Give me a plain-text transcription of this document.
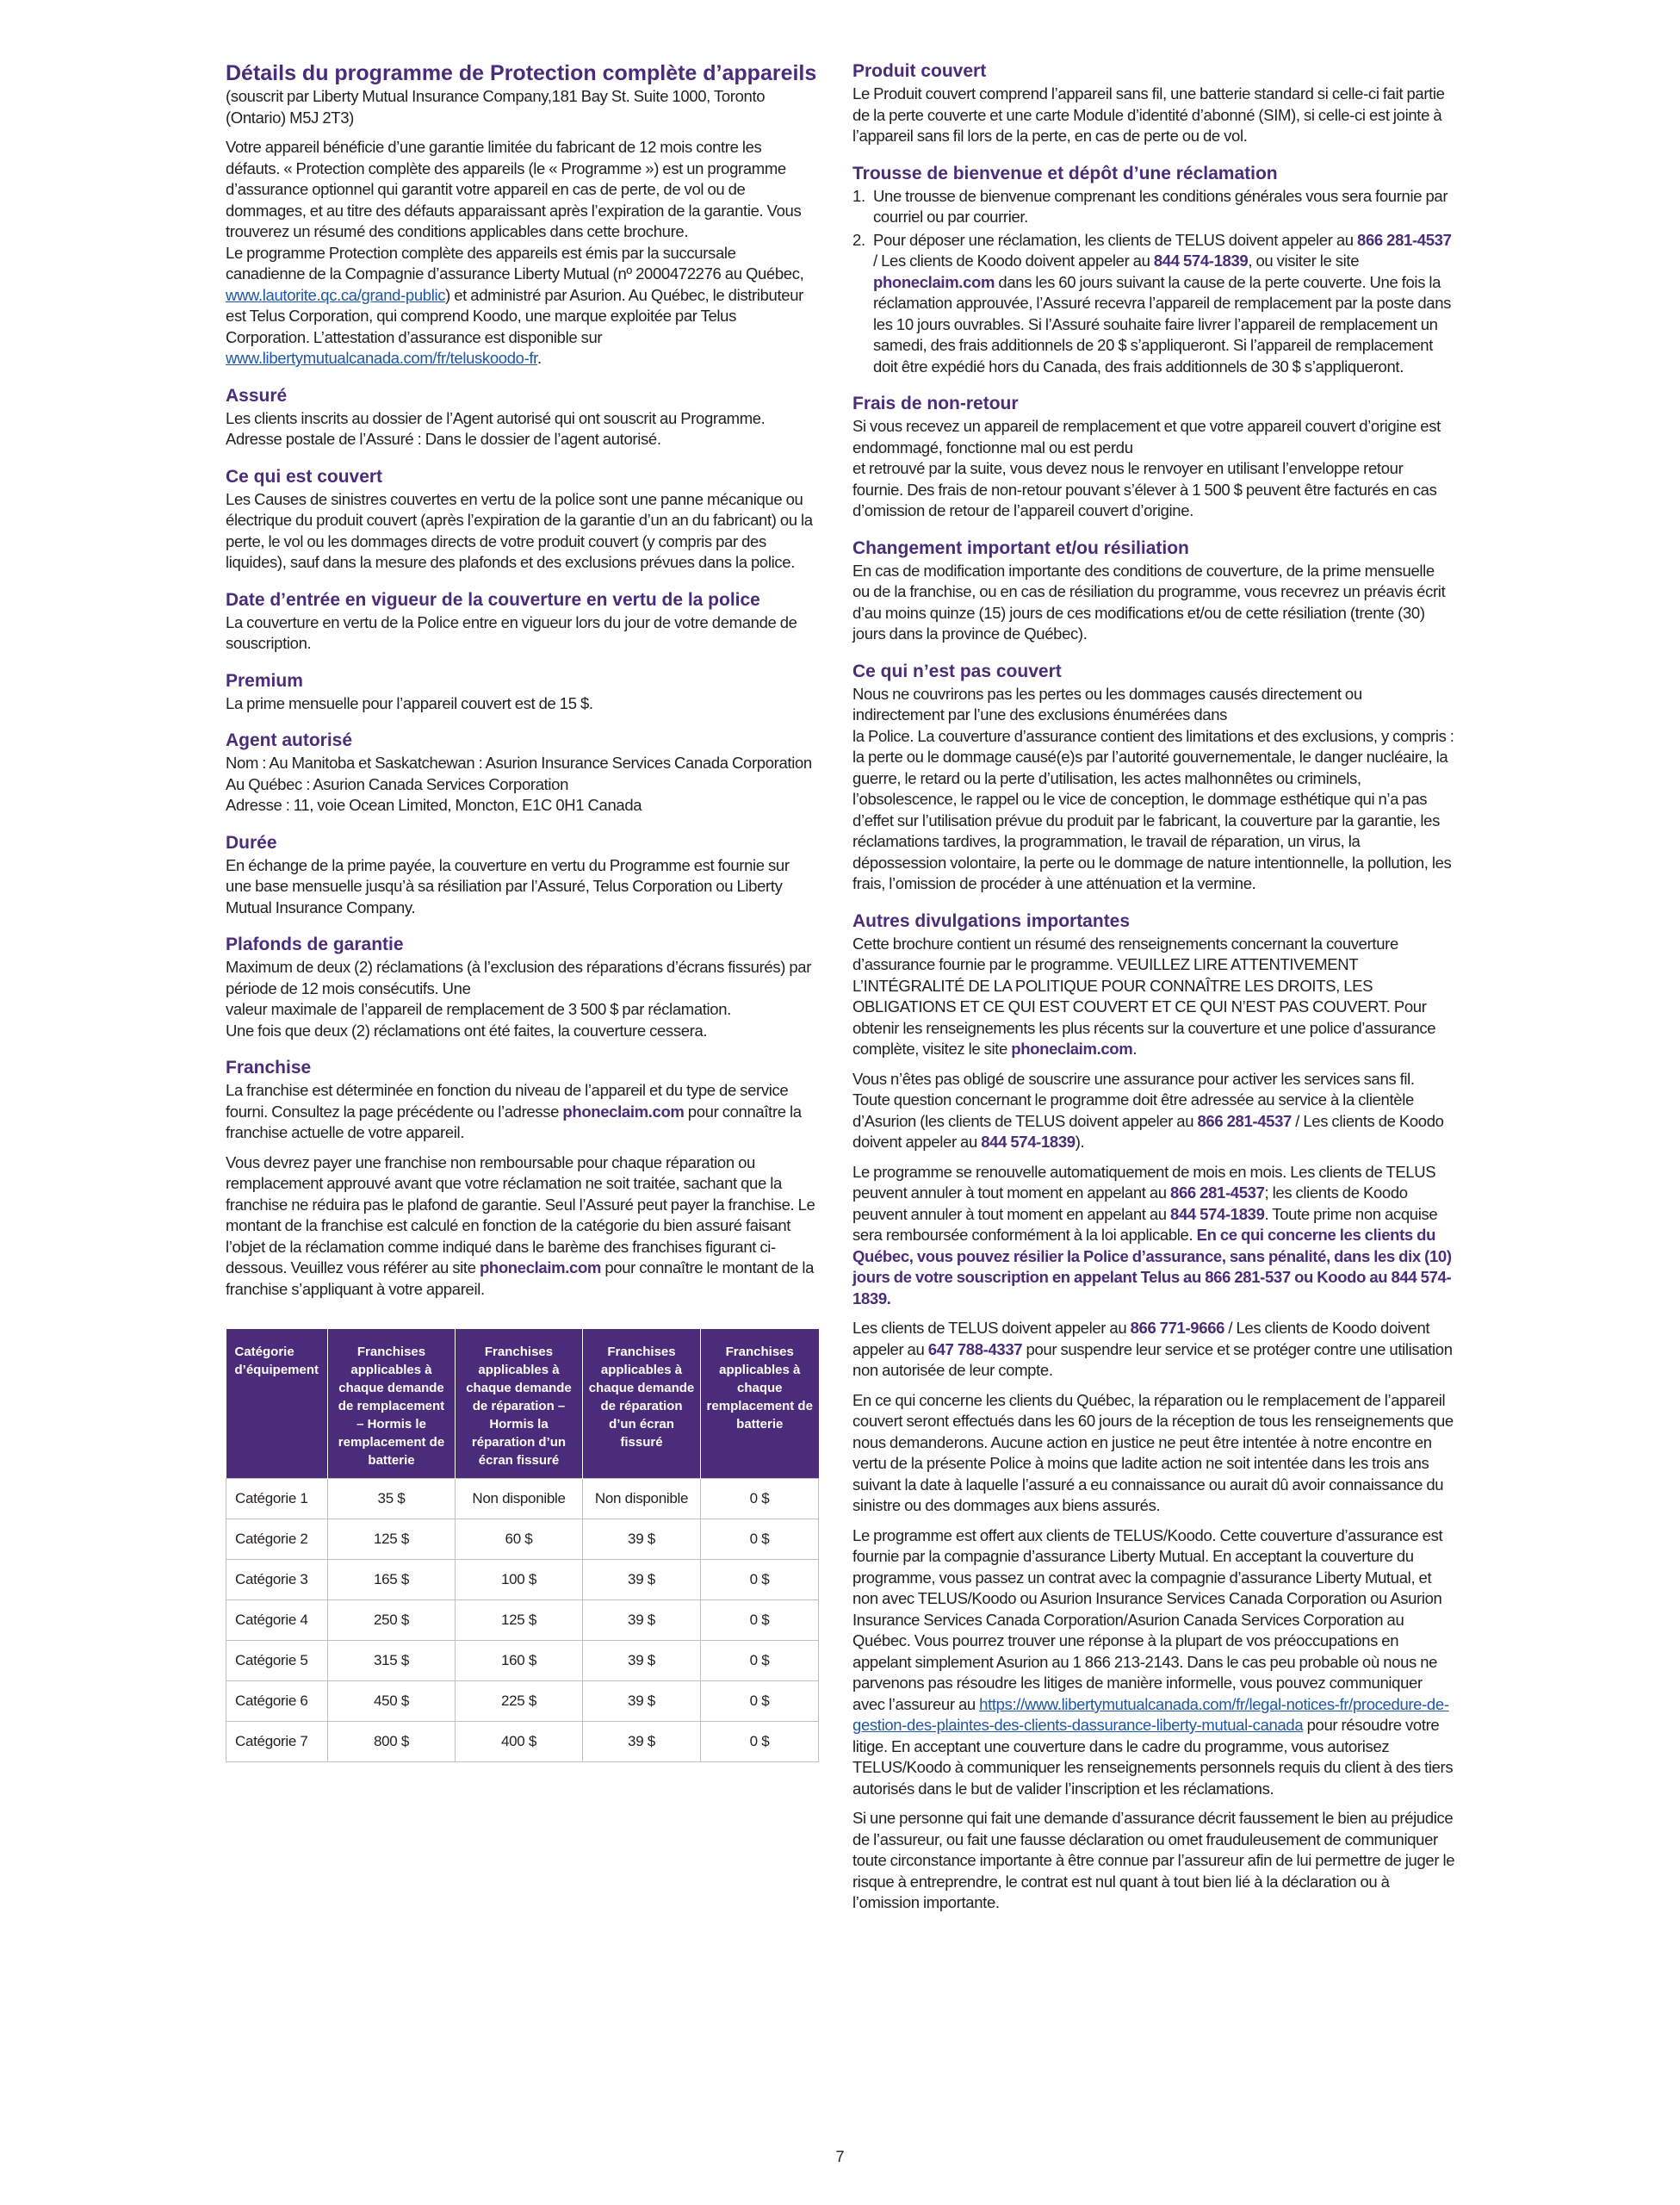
Détails du programme de Protection complète d’appareils

(souscrit par Liberty Mutual Insurance Company,181 Bay St. Suite 1000, Toronto (Ontario) M5J 2T3)

Votre appareil bénéficie d’une garantie limitée du fabricant de 12 mois contre les défauts. « Protection complète des appareils (le « Programme ») est un programme d’assurance optionnel qui garantit votre appareil en cas de perte, de vol ou de dommages, et au titre des défauts apparaissant après l’expiration de la garantie. Vous trouverez un résumé des conditions applicables dans cette brochure.

Le programme Protection complète des appareils est émis par la succursale canadienne de la Compagnie d’assurance Liberty Mutual (nº 2000472276 au Québec, www.lautorite.qc.ca/grand-public) et administré par Asurion. Au Québec, le distributeur est Telus Corporation, qui comprend Koodo, une marque exploitée par Telus Corporation. L’attestation d’assurance est disponible sur www.libertymutualcanada.com/fr/teluskoodo-fr.

Assuré

Les clients inscrits au dossier de l’Agent autorisé qui ont souscrit au Programme.

Adresse postale de l’Assuré : Dans le dossier de l’agent autorisé.

Ce qui est couvert

Les Causes de sinistres couvertes en vertu de la police sont une panne mécanique ou électrique du produit couvert (après l’expiration de la garantie d’un an du fabricant) ou la perte, le vol ou les dommages directs de votre produit couvert (y compris par des liquides), sauf dans la mesure des plafonds et des exclusions prévues dans la police.

Date d’entrée en vigueur de la couverture en vertu de la police

La couverture en vertu de la Police entre en vigueur lors du jour de votre demande de souscription.

Premium

La prime mensuelle pour l’appareil couvert est de 15 $.

Agent autorisé

Nom : Au Manitoba et Saskatchewan : Asurion Insurance Services Canada Corporation

Au Québec : Asurion Canada Services Corporation

Adresse : 11, voie Ocean Limited, Moncton, E1C 0H1 Canada

Durée

En échange de la prime payée, la couverture en vertu du Programme est fournie sur une base mensuelle jusqu’à sa résiliation par l’Assuré, Telus Corporation ou Liberty Mutual Insurance Company.

Plafonds de garantie

Maximum de deux (2) réclamations (à l’exclusion des réparations d’écrans fissurés) par période de 12 mois consécutifs. Une

valeur maximale de l’appareil de remplacement de 3 500 $ par réclamation.

Une fois que deux (2) réclamations ont été faites, la couverture cessera.

Franchise

La franchise est déterminée en fonction du niveau de l’appareil et du type de service fourni. Consultez la page précédente ou l’adresse phoneclaim.com pour connaître la franchise actuelle de votre appareil.

Vous devrez payer une franchise non remboursable pour chaque réparation ou remplacement approuvé avant que votre réclamation ne soit traitée, sachant que la franchise ne réduira pas le plafond de garantie. Seul l’Assuré peut payer la franchise. Le montant de la franchise est calculé en fonction de la catégorie du bien assuré faisant l’objet de la réclamation comme indiqué dans le barème des franchises figurant ci-dessous. Veuillez vous référer au site phoneclaim.com pour connaître le montant de la franchise s’appliquant à votre appareil.

Catégorie d’équipement	Franchises applicables à chaque demande de remplacement – Hormis le remplacement de batterie	Franchises applicables à chaque demande de réparation – Hormis la réparation d’un écran fissuré	Franchises applicables à chaque demande de réparation d’un écran fissuré	Franchises applicables à chaque remplacement de batterie
Catégorie 1	35 $	Non disponible	Non disponible	0 $
Catégorie 2	125 $	60 $	39 $	0 $
Catégorie 3	165 $	100 $	39 $	0 $
Catégorie 4	250 $	125 $	39 $	0 $
Catégorie 5	315 $	160 $	39 $	0 $
Catégorie 6	450 $	225 $	39 $	0 $
Catégorie 7	800 $	400 $	39 $	0 $
Produit couvert

Le Produit couvert comprend l’appareil sans fil, une batterie standard si celle-ci fait partie de la perte couverte et une carte Module d’identité d’abonné (SIM), si celle-ci est jointe à l’appareil sans fil lors de la perte, en cas de perte ou de vol.

Trousse de bienvenue et dépôt d’une réclamation
1. Une trousse de bienvenue comprenant les conditions générales vous sera fournie par courriel ou par courrier.
2. Pour déposer une réclamation, les clients de TELUS doivent appeler au 866 281-4537 / Les clients de Koodo doivent appeler au 844 574-1839, ou visiter le site phoneclaim.com dans les 60 jours suivant la cause de la perte couverte. Une fois la réclamation approuvée, l’Assuré recevra l’appareil de remplacement par la poste dans les 10 jours ouvrables. Si l’Assuré souhaite faire livrer l’appareil de remplacement un samedi, des frais additionnels de 20 $ s’appliqueront. Si l’appareil de remplacement doit être expédié hors du Canada, des frais additionnels de 30 $ s’appliqueront.
Frais de non-retour

Si vous recevez un appareil de remplacement et que votre appareil couvert d’origine est endommagé, fonctionne mal ou est perdu

et retrouvé par la suite, vous devez nous le renvoyer en utilisant l’enveloppe retour fournie. Des frais de non-retour pouvant s’élever à 1 500 $ peuvent être facturés en cas d’omission de retour de l’appareil couvert d’origine.

Changement important et/ou résiliation

En cas de modification importante des conditions de couverture, de la prime mensuelle ou de la franchise, ou en cas de résiliation du programme, vous recevrez un préavis écrit d’au moins quinze (15) jours de ces modifications et/ou de cette résiliation (trente (30) jours dans la province de Québec).

Ce qui n’est pas couvert

Nous ne couvrirons pas les pertes ou les dommages causés directement ou indirectement par l’une des exclusions énumérées dans

la Police. La couverture d’assurance contient des limitations et des exclusions, y compris : la perte ou le dommage causé(e)s par l’autorité gouvernementale, le danger nucléaire, la guerre, le retard ou la perte d’utilisation, les actes malhonnêtes ou criminels, l’obsolescence, le rappel ou le vice de conception, le dommage esthétique qui n’a pas d’effet sur l’utilisation prévue du produit par le fabricant, la couverture par la garantie, les réclamations tardives, la programmation, le travail de réparation, un virus, la dépossession volontaire, la perte ou le dommage de nature intentionnelle, la pollution, les frais, l’omission de procéder à une atténuation et la vermine.

Autres divulgations importantes

Cette brochure contient un résumé des renseignements concernant la couverture d’assurance fournie par le programme. VEUILLEZ LIRE ATTENTIVEMENT L’INTÉGRALITÉ DE LA POLITIQUE POUR CONNAÎTRE LES DROITS, LES OBLIGATIONS ET CE QUI EST COUVERT ET CE QUI N’EST PAS COUVERT. Pour obtenir les renseignements les plus récents sur la couverture et une police d’assurance complète, visitez le site phoneclaim.com.

Vous n’êtes pas obligé de souscrire une assurance pour activer les services sans fil. Toute question concernant le programme doit être adressée au service à la clientèle d’Asurion (les clients de TELUS doivent appeler au 866 281-4537 / Les clients de Koodo doivent appeler au 844 574-1839).

Le programme se renouvelle automatiquement de mois en mois. Les clients de TELUS peuvent annuler à tout moment en appelant au 866 281-4537; les clients de Koodo peuvent annuler à tout moment en appelant au 844 574-1839. Toute prime non acquise sera remboursée conformément à la loi applicable. En ce qui concerne les clients du Québec, vous pouvez résilier la Police d’assurance, sans pénalité, dans les dix (10) jours de votre souscription en appelant Telus au 866 281-537 ou Koodo au 844 574-1839.

Les clients de TELUS doivent appeler au 866 771-9666 / Les clients de Koodo doivent appeler au 647 788-4337 pour suspendre leur service et se protéger contre une utilisation non autorisée de leur compte.

En ce qui concerne les clients du Québec, la réparation ou le remplacement de l’appareil couvert seront effectués dans les 60 jours de la réception de tous les renseignements que nous demanderons. Aucune action en justice ne peut être intentée à notre encontre en vertu de la présente Police à moins que ladite action ne soit intentée dans les trois ans suivant la date à laquelle l’assuré a eu connaissance ou aurait dû avoir connaissance du sinistre ou des dommages aux biens assurés.

Le programme est offert aux clients de TELUS/Koodo. Cette couverture d’assurance est fournie par la compagnie d’assurance Liberty Mutual. En acceptant la couverture du programme, vous passez un contrat avec la compagnie d’assurance Liberty Mutual, et non avec TELUS/Koodo ou Asurion Insurance Services Canada Corporation ou Asurion Insurance Services Canada Corporation/Asurion Canada Services Corporation au Québec. Vous pourrez trouver une réponse à la plupart de vos préoccupations en appelant simplement Asurion au 1 866 213-2143. Dans le cas peu probable où nous ne parvenons pas résoudre les litiges de manière informelle, vous pouvez communiquer avec l’assureur au https://www.libertymutualcanada.com/fr/legal-notices-fr/procedure-de-gestion-des-plaintes-des-clients-dassurance-liberty-mutual-canada pour résoudre votre litige. En acceptant une couverture dans le cadre du programme, vous autorisez TELUS/Koodo à communiquer les renseignements personnels requis du client à des tiers autorisés dans le but de valider l’inscription et les réclamations.

Si une personne qui fait une demande d’assurance décrit faussement le bien au préjudice de l’assureur, ou fait une fausse déclaration ou omet frauduleusement de communiquer toute circonstance importante à être connue par l’assureur afin de lui permettre de juger le risque à entreprendre, le contrat est nul quant à tout bien lié à la déclaration ou à l’omission importante.

7
